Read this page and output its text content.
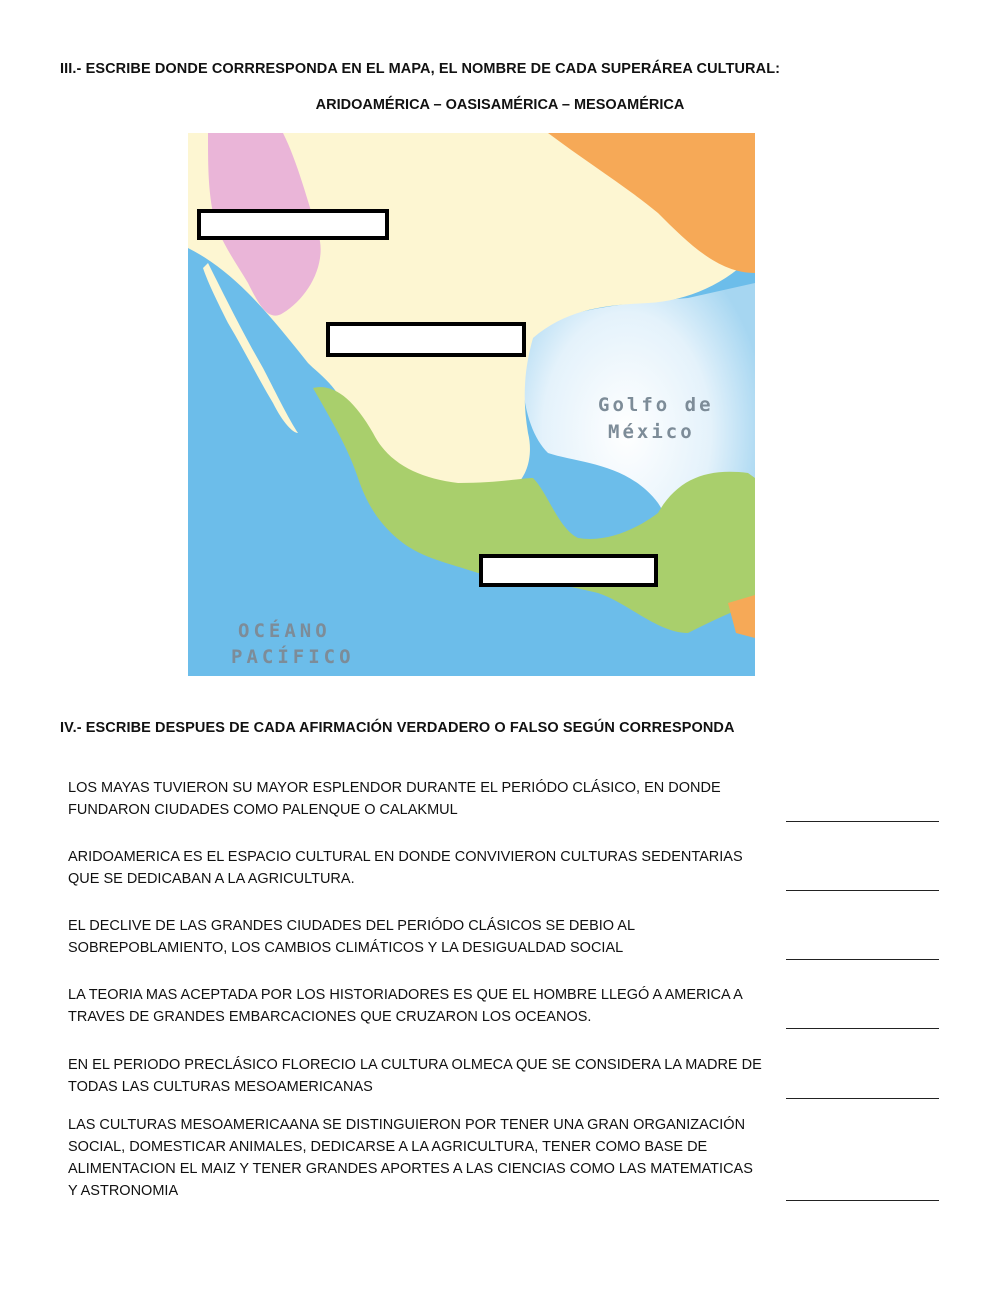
III.- ESCRIBE DONDE CORRRESPONDA EN EL MAPA, EL NOMBRE DE CADA SUPERÁREA CULTURAL:

ARIDOAMÉRICA – OASISAMÉRICA – MESOAMÉRICA
Golfo de
México
OCÉANO
PACÍFICO

IV.- ESCRIBE DESPUES DE CADA AFIRMACIÓN VERDADERO O FALSO SEGÚN CORRESPONDA

LOS MAYAS TUVIERON SU MAYOR ESPLENDOR DURANTE EL PERIÓDO CLÁSICO, EN DONDE
FUNDARON CIUDADES COMO PALENQUE O CALAKMUL

ARIDOAMERICA ES EL ESPACIO CULTURAL EN DONDE CONVIVIERON CULTURAS SEDENTARIAS
QUE SE DEDICABAN A LA AGRICULTURA.

EL DECLIVE DE LAS GRANDES CIUDADES DEL PERIÓDO CLÁSICOS SE DEBIO AL
SOBREPOBLAMIENTO, LOS CAMBIOS CLIMÁTICOS Y LA DESIGUALDAD SOCIAL

LA TEORIA MAS ACEPTADA POR LOS HISTORIADORES ES QUE EL HOMBRE LLEGÓ A AMERICA A
TRAVES DE GRANDES EMBARCACIONES QUE CRUZARON LOS OCEANOS.

EN EL PERIODO PRECLÁSICO FLORECIO LA CULTURA OLMECA QUE SE CONSIDERA LA MADRE DE
TODAS LAS CULTURAS MESOAMERICANAS

LAS CULTURAS MESOAMERICAANA SE DISTINGUIERON POR TENER UNA GRAN ORGANIZACIÓN
SOCIAL, DOMESTICAR ANIMALES, DEDICARSE A LA AGRICULTURA, TENER COMO BASE DE
ALIMENTACION EL MAIZ Y TENER GRANDES APORTES A LAS CIENCIAS COMO LAS MATEMATICAS
Y ASTRONOMIA
